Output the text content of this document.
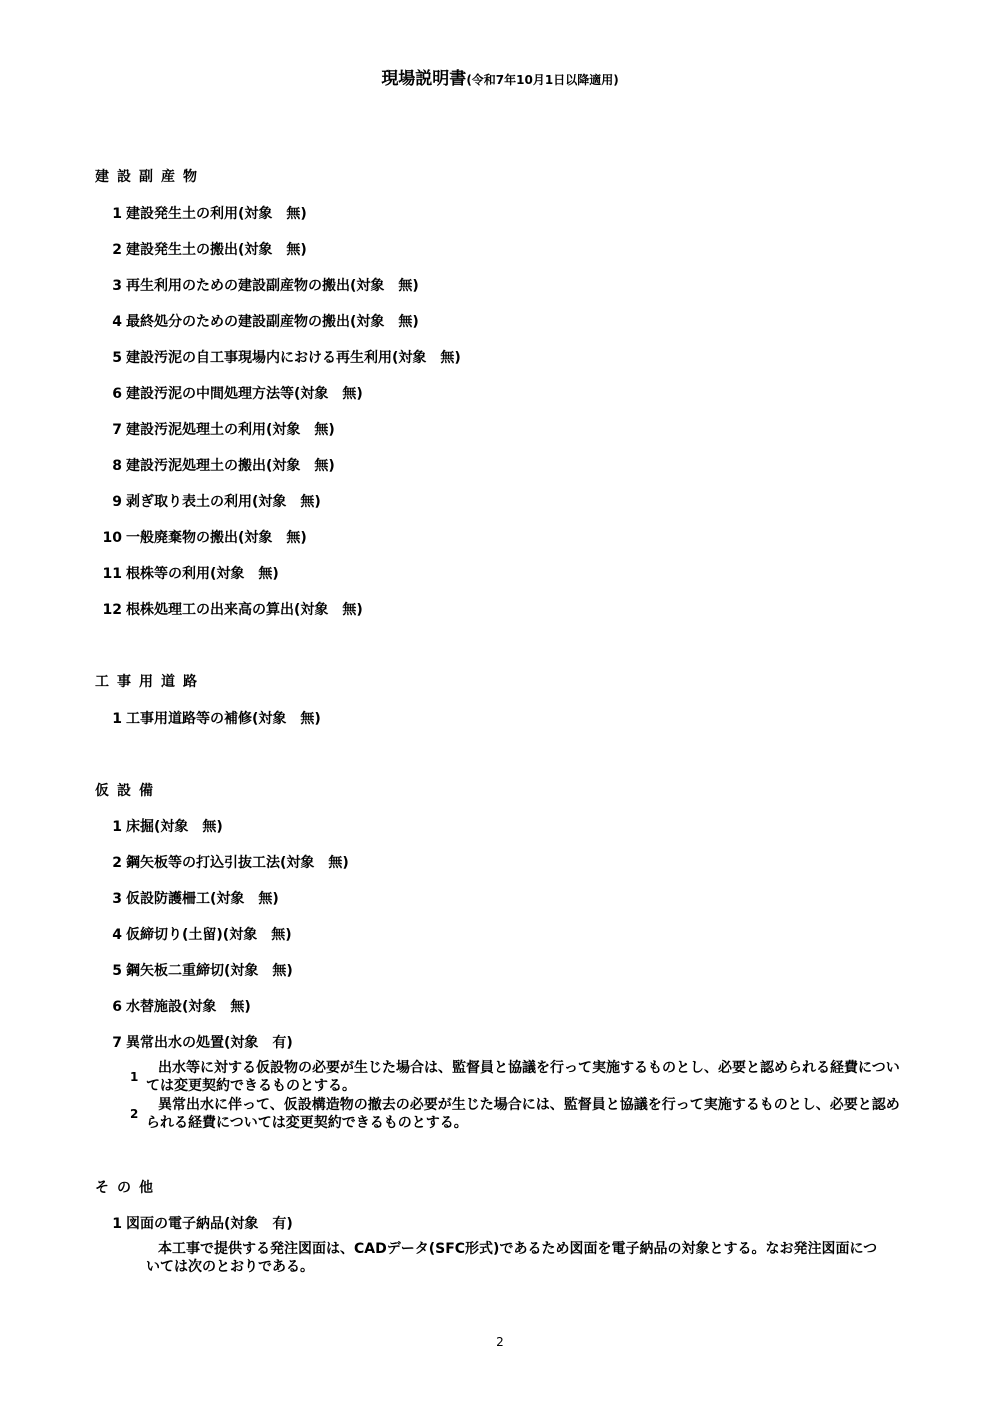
現場説明書(令和7年10月1日以降適用)
建設副産物
1 建設発生土の利用(対象　無)
2 建設発生土の搬出(対象　無)
3 再生利用のための建設副産物の搬出(対象　無)
4 最終処分のための建設副産物の搬出(対象　無)
5 建設汚泥の自工事現場内における再生利用(対象　無)
6 建設汚泥の中間処理方法等(対象　無)
7 建設汚泥処理土の利用(対象　無)
8 建設汚泥処理土の搬出(対象　無)
9 剥ぎ取り表土の利用(対象　無)
10 一般廃棄物の搬出(対象　無)
11 根株等の利用(対象　無)
12 根株処理工の出来高の算出(対象　無)
工事用道路
1 工事用道路等の補修(対象　無)
仮設備
1 床掘(対象　無)
2 鋼矢板等の打込引抜工法(対象　無)
3 仮設防護柵工(対象　無)
4 仮締切り(土留)(対象　無)
5 鋼矢板二重締切(対象　無)
6 水替施設(対象　無)
7 異常出水の処置(対象　有)
1
出水等に対する仮設物の必要が生じた場合は、監督員と協議を行って実施するものとし、必要と認められる経費については変更契約できるものとする。
2
異常出水に伴って、仮設構造物の撤去の必要が生じた場合には、監督員と協議を行って実施するものとし、必要と認められる経費については変更契約できるものとする。
その他
1 図面の電子納品(対象　有)
本工事で提供する発注図面は、CADデータ(SFC形式)であるため図面を電子納品の対象とする。なお発注図面については次のとおりである。
2
